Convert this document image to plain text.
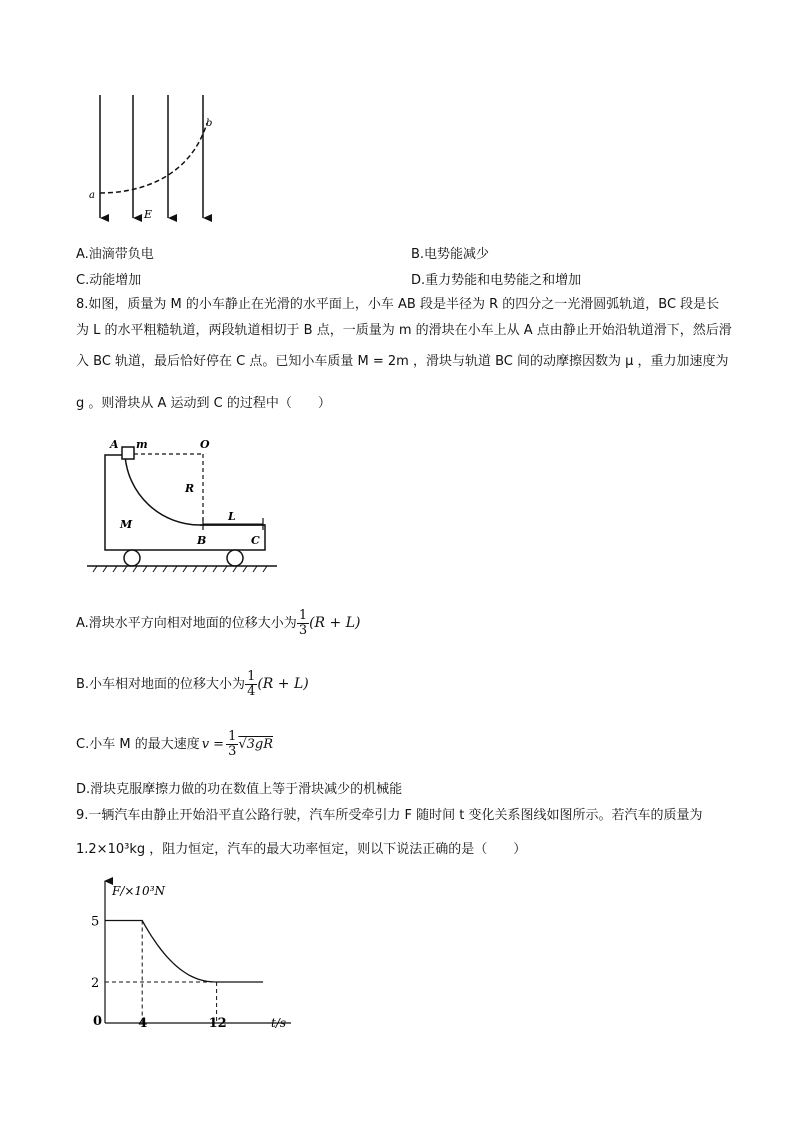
a
b
E
A.油滴带负电	B.电势能减少
C.动能增加	D.重力势能和电势能之和增加
8.如图，质量为 M 的小车静止在光滑的水平面上，小车 AB 段是半径为 R 的四分之一光滑圆弧轨道，BC 段是长
为 L 的水平粗糙轨道，两段轨道相切于 B 点，一质量为 m 的滑块在小车上从 A 点由静止开始沿轨道滑下，然后滑
入 BC 轨道，最后恰好停在 C 点。已知小车质量 M = 2m ，滑块与轨道 BC 间的动摩擦因数为 μ ，重力加速度为
g 。则滑块从 A 运动到 C 的过程中（　　）
A m	O
R
M
B
L
C
A.滑块水平方向相对地面的位移大小为 $\frac{1}{3} (R + L)$
B.小车相对地面的位移大小为 $\frac{1}{4} (R + L)$
C.小车 M 的最大速度 $v = \frac{1}{3} √3gR$
D.滑块克服摩擦力做的功在数值上等于滑块减少的机械能
9.一辆汽车由静止开始沿平直公路行驶，汽车所受牵引力 F 随时间 t 变化关系图线如图所示。若汽车的质量为
1.2×10³kg ，阻力恒定，汽车的最大功率恒定，则以下说法正确的是（　　）
F/×10³N
5
2
0	4	12	t/s
